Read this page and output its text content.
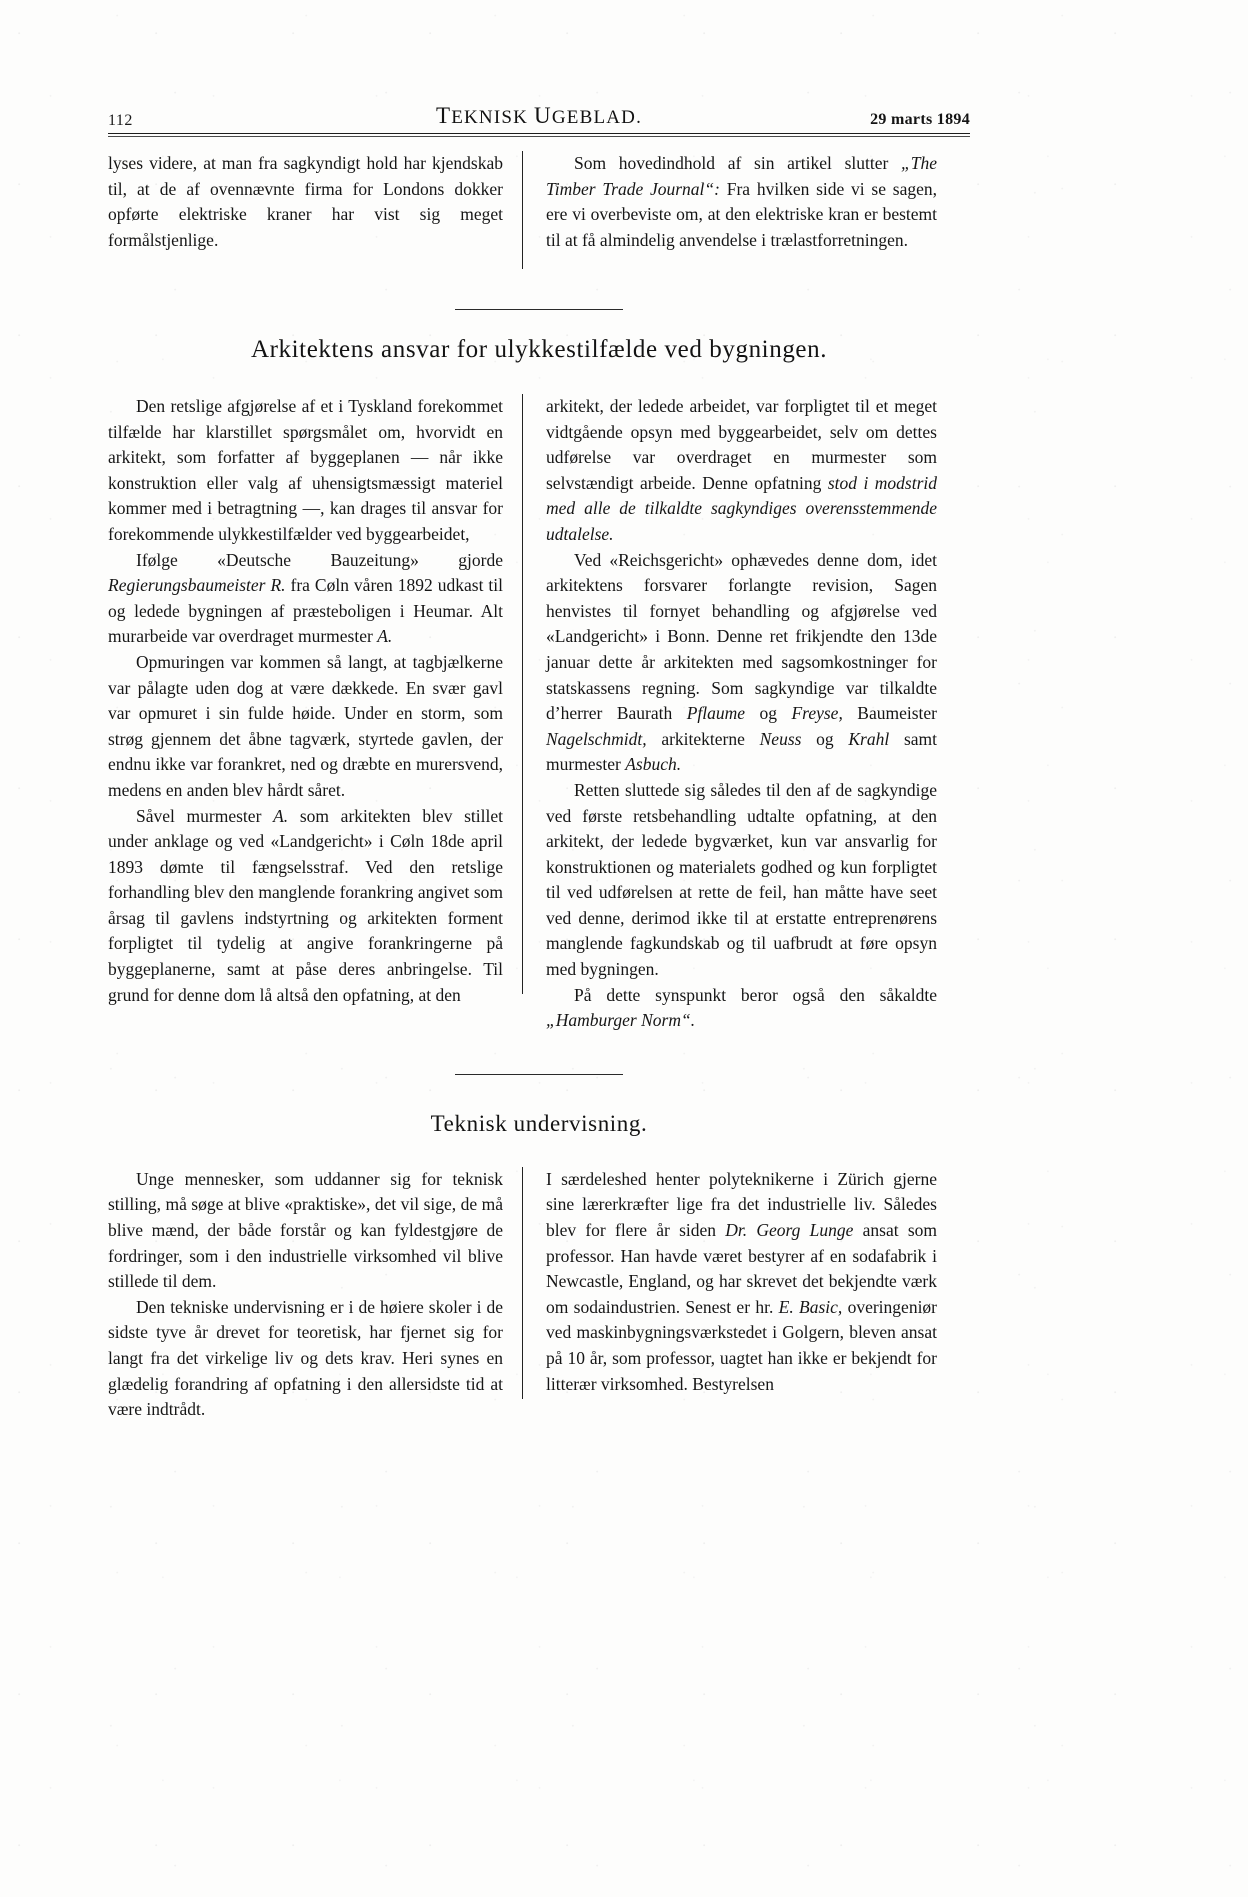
112	TEKNISK UGEBLAD.	29 marts 1894

lyses videre, at man fra sagkyndigt hold har kjendskab til, at de af ovennævnte firma for Londons dokker opførte elektriske kraner har vist sig meget formålstjenlige.

Som hovedindhold af sin artikel slutter „The Timber Trade Journal“: Fra hvilken side vi se sagen, ere vi overbeviste om, at den elektriske kran er bestemt til at få almindelig anvendelse i trælastforretningen.

Arkitektens ansvar for ulykkestilfælde ved bygningen.

Den retslige afgjørelse af et i Tyskland forekommet tilfælde har klarstillet spørgsmålet om, hvorvidt en arkitekt, som forfatter af byggeplanen — når ikke konstruktion eller valg af uhensigtsmæssigt materiel kommer med i betragtning —, kan drages til ansvar for forekommende ulykkestilfælder ved byggearbeidet,

Ifølge «Deutsche Bauzeitung» gjorde Regierungsbaumeister R. fra Cøln våren 1892 udkast til og ledede bygningen af præsteboligen i Heumar. Alt murarbeide var overdraget murmester A.

Opmuringen var kommen så langt, at tagbjælkerne var pålagte uden dog at være dækkede. En svær gavl var opmuret i sin fulde høide. Under en storm, som strøg gjennem det åbne tagværk, styrtede gavlen, der endnu ikke var forankret, ned og dræbte en murersvend, medens en anden blev hårdt såret.

Såvel murmester A. som arkitekten blev stillet under anklage og ved «Landgericht» i Cøln 18de april 1893 dømte til fængselsstraf. Ved den retslige forhandling blev den manglende forankring angivet som årsag til gavlens indstyrtning og arkitekten forment forpligtet til tydelig at angive forankringerne på byggeplanerne, samt at påse deres anbringelse. Til grund for denne dom lå altså den opfatning, at den

arkitekt, der ledede arbeidet, var forpligtet til et meget vidtgående opsyn med byggearbeidet, selv om dettes udførelse var overdraget en murmester som selvstændigt arbeide. Denne opfatning stod i modstrid med alle de tilkaldte sagkyndiges overensstemmende udtalelse.

Ved «Reichsgericht» ophævedes denne dom, idet arkitektens forsvarer forlangte revision, Sagen henvistes til fornyet behandling og afgjørelse ved «Landgericht» i Bonn. Denne ret frikjendte den 13de januar dette år arkitekten med sagsomkostninger for statskassens regning. Som sagkyndige var tilkaldte d’herrer Baurath Pflaume og Freyse, Baumeister Nagelschmidt, arkitekterne Neuss og Krahl samt murmester Asbuch.

Retten sluttede sig således til den af de sagkyndige ved første retsbehandling udtalte opfatning, at den arkitekt, der ledede bygværket, kun var ansvarlig for konstruktionen og materialets godhed og kun forpligtet til ved udførelsen at rette de feil, han måtte have seet ved denne, derimod ikke til at erstatte entreprenørens manglende fagkundskab og til uafbrudt at føre opsyn med bygningen.

På dette synspunkt beror også den såkaldte „Hamburger Norm“.

Teknisk undervisning.

Unge mennesker, som uddanner sig for teknisk stilling, må søge at blive «praktiske», det vil sige, de må blive mænd, der både forstår og kan fyldestgjøre de fordringer, som i den industrielle virksomhed vil blive stillede til dem.

Den tekniske undervisning er i de høiere skoler i de sidste tyve år drevet for teoretisk, har fjernet sig for langt fra det virkelige liv og dets krav. Heri synes en glædelig forandring af opfatning i den allersidste tid at være indtrådt.

I særdeleshed henter polyteknikerne i Zürich gjerne sine lærerkræfter lige fra det industrielle liv. Således blev for flere år siden Dr. Georg Lunge ansat som professor. Han havde været bestyrer af en sodafabrik i Newcastle, England, og har skrevet det bekjendte værk om sodaindustrien. Senest er hr. E. Basic, overingeniør ved maskinbygningsværkstedet i Golgern, bleven ansat på 10 år, som professor, uagtet han ikke er bekjendt for litterær virksomhed. Bestyrelsen
